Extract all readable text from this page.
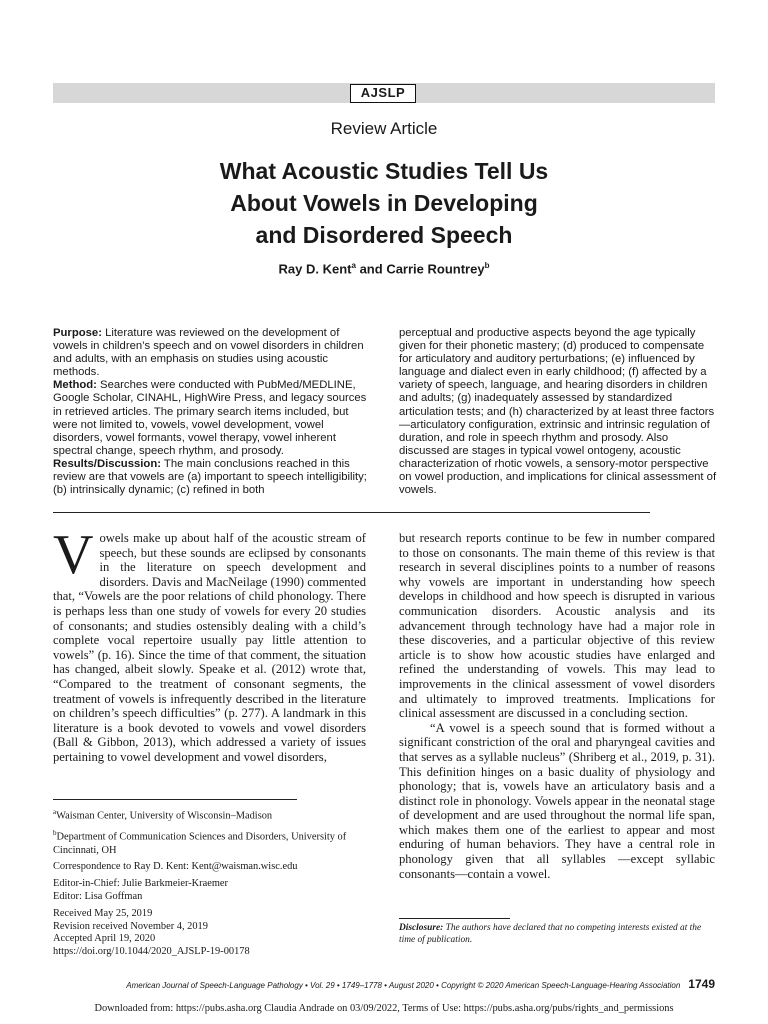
AJSLP
Review Article
What Acoustic Studies Tell Us
About Vowels in Developing
and Disordered Speech
Ray D. Kent$^a$ and Carrie Rountrey$^b$
Purpose: Literature was reviewed on the development of vowels in children’s speech and on vowel disorders in children and adults, with an emphasis on studies using acoustic methods.
Method: Searches were conducted with PubMed/MEDLINE, Google Scholar, CINAHL, HighWire Press, and legacy sources in retrieved articles. The primary search items included, but were not limited to, vowels, vowel development, vowel disorders, vowel formants, vowel therapy, vowel inherent spectral change, speech rhythm, and prosody.
Results/Discussion: The main conclusions reached in this review are that vowels are (a) important to speech intelligibility; (b) intrinsically dynamic; (c) refined in both
perceptual and productive aspects beyond the age typically given for their phonetic mastery; (d) produced to compensate for articulatory and auditory perturbations; (e) influenced by language and dialect even in early childhood; (f) affected by a variety of speech, language, and hearing disorders in children and adults; (g) inadequately assessed by standardized articulation tests; and (h) characterized by at least three factors—articulatory configuration, extrinsic and intrinsic regulation of duration, and role in speech rhythm and prosody. Also discussed are stages in typical vowel ontogeny, acoustic characterization of rhotic vowels, a sensory-motor perspective on vowel production, and implications for clinical assessment of vowels.
Vowels make up about half of the acoustic stream of speech, but these sounds are eclipsed by consonants in the literature on speech development and disorders. Davis and MacNeilage (1990) commented that, “Vowels are the poor relations of child phonology. There is perhaps less than one study of vowels for every 20 studies of consonants; and studies ostensibly dealing with a child’s complete vocal repertoire usually pay little attention to vowels” (p. 16). Since the time of that comment, the situation has changed, albeit slowly. Speake et al. (2012) wrote that, “Compared to the treatment of consonant segments, the treatment of vowels is infrequently described in the literature on children’s speech difficulties” (p. 277). A landmark in this literature is a book devoted to vowels and vowel disorders (Ball & Gibbon, 2013), which addressed a variety of issues pertaining to vowel development and vowel disorders,

but research reports continue to be few in number compared to those on consonants. The main theme of this review is that research in several disciplines points to a number of reasons why vowels are important in understanding how speech develops in childhood and how speech is disrupted in various communication disorders. Acoustic analysis and its advancement through technology have had a major role in these discoveries, and a particular objective of this review article is to show how acoustic studies have enlarged and refined the understanding of vowels. This may lead to improvements in the clinical assessment of vowel disorders and ultimately to improved treatments. Implications for clinical assessment are discussed in a concluding section.

“A vowel is a speech sound that is formed without a significant constriction of the oral and pharyngeal cavities and that serves as a syllable nucleus” (Shriberg et al., 2019, p. 31). This definition hinges on a basic duality of physiology and phonology; that is, vowels have an articulatory basis and a distinct role in phonology. Vowels appear in the neonatal stage of development and are used throughout the normal life span, which makes them one of the earliest to appear and most enduring of human behaviors. They have a central role in phonology given that all syllables —except syllabic consonants—contain a vowel.

$^a$Waisman Center, University of Wisconsin–Madison

$^b$Department of Communication Sciences and Disorders, University of Cincinnati, OH

Correspondence to Ray D. Kent: Kent@waisman.wisc.edu

Editor-in-Chief: Julie Barkmeier-Kraemer

Editor: Lisa Goffman

Received May 25, 2019

Revision received November 4, 2019

Accepted April 19, 2020

https://doi.org/10.1044/2020_AJSLP-19-00178

Disclosure: The authors have declared that no competing interests existed at the time of publication.
American Journal of Speech-Language Pathology • Vol. 29 • 1749–1778 • August 2020 • Copyright © 2020 American Speech-Language-Hearing Association 1749
Downloaded from: https://pubs.asha.org Claudia Andrade on 03/09/2022, Terms of Use: https://pubs.asha.org/pubs/rights_and_permissions
